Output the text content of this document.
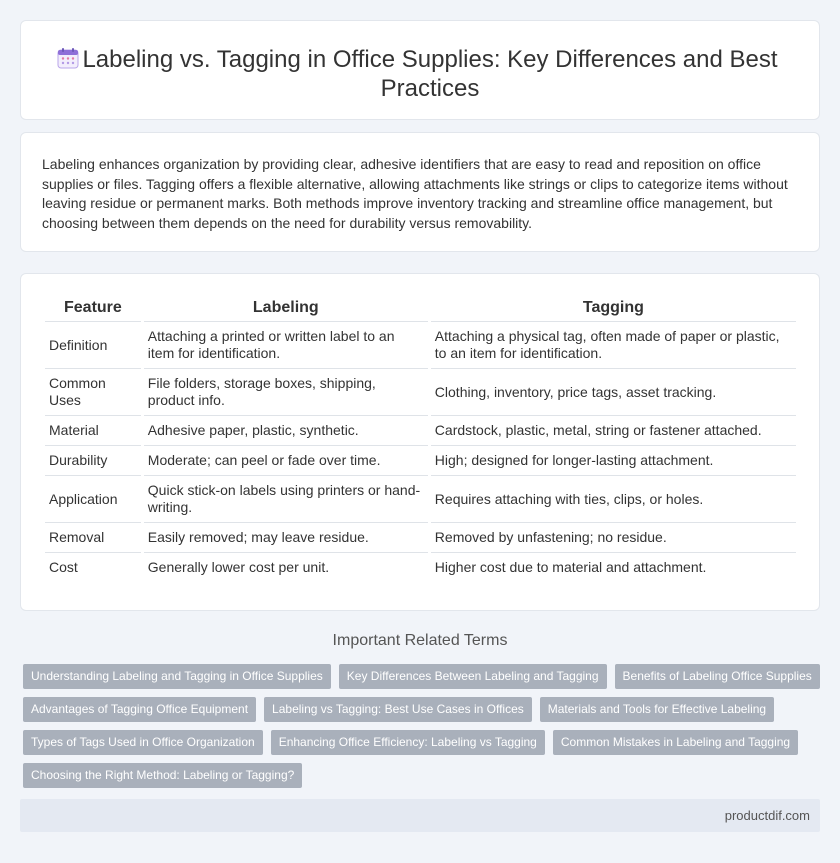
Labeling vs. Tagging in Office Supplies: Key Differences and Best Practices

Labeling enhances organization by providing clear, adhesive identifiers that are easy to read and reposition on office supplies or files. Tagging offers a flexible alternative, allowing attachments like strings or clips to categorize items without leaving residue or permanent marks. Both methods improve inventory tracking and streamline office management, but choosing between them depends on the need for durability versus removability.

Feature	Labeling	Tagging
Definition	Attaching a printed or written label to an item for identification.	Attaching a physical tag, often made of paper or plastic, to an item for identification.
Common Uses	File folders, storage boxes, shipping, product info.	Clothing, inventory, price tags, asset tracking.
Material	Adhesive paper, plastic, synthetic.	Cardstock, plastic, metal, string or fastener attached.
Durability	Moderate; can peel or fade over time.	High; designed for longer-lasting attachment.
Application	Quick stick-on labels using printers or hand-writing.	Requires attaching with ties, clips, or holes.
Removal	Easily removed; may leave residue.	Removed by unfastening; no residue.
Cost	Generally lower cost per unit.	Higher cost due to material and attachment.
Important Related Terms
Understanding Labeling and Tagging in Office Supplies	Key Differences Between Labeling and Tagging	Benefits of Labeling Office Supplies
Advantages of Tagging Office Equipment	Labeling vs Tagging: Best Use Cases in Offices	Materials and Tools for Effective Labeling
Types of Tags Used in Office Organization	Enhancing Office Efficiency: Labeling vs Tagging	Common Mistakes in Labeling and Tagging
Choosing the Right Method: Labeling or Tagging?
productdif.com
